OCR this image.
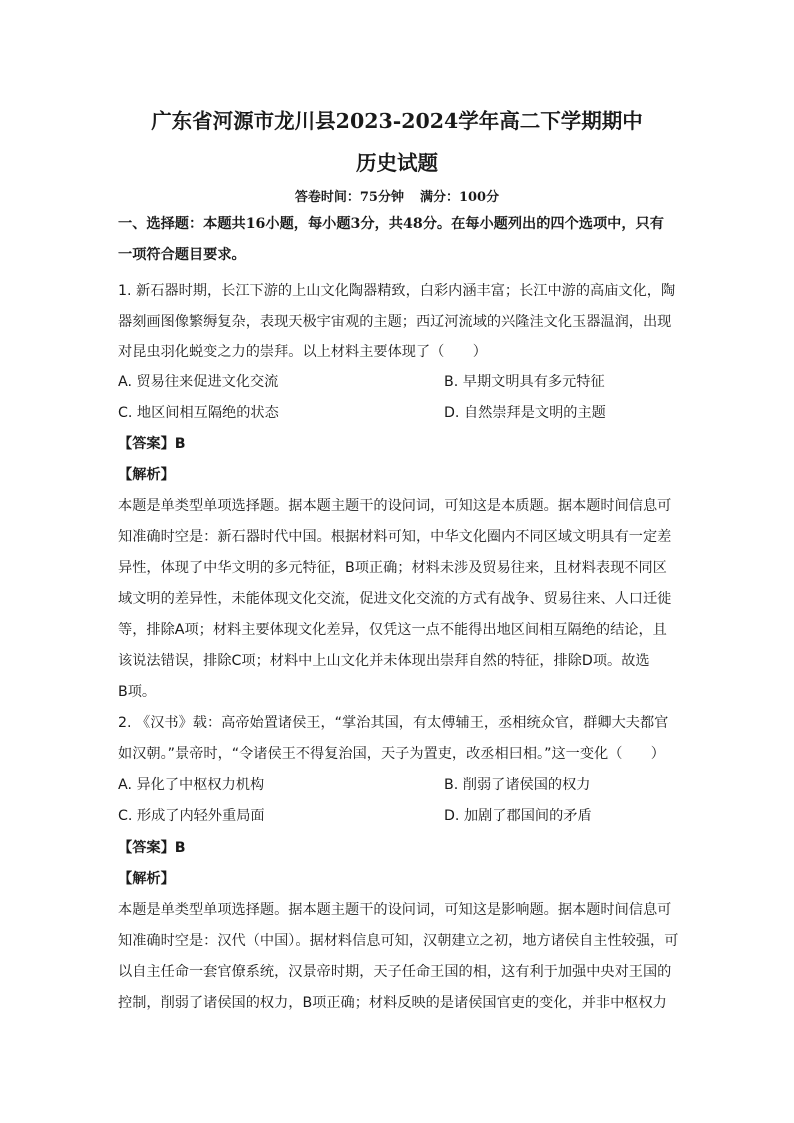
广东省河源市龙川县2023-2024学年高二下学期期中
历史试题
答卷时间：75分钟 满分：100分
一、选择题：本题共16小题，每小题3分，共48分。在每小题列出的四个选项中，只有
一项符合题目要求。
1. 新石器时期，长江下游的上山文化陶器精致，白彩内涵丰富；长江中游的高庙文化，陶
器刻画图像繁缛复杂，表现天极宇宙观的主题；西辽河流域的兴隆洼文化玉器温润，出现
对昆虫羽化蜕变之力的崇拜。以上材料主要体现了（　　）
A. 贸易往来促进文化交流	B. 早期文明具有多元特征
C. 地区间相互隔绝的状态	D. 自然崇拜是文明的主题
【答案】B
【解析】
本题是单类型单项选择题。据本题主题干的设问词，可知这是本质题。据本题时间信息可
知准确时空是：新石器时代中国。根据材料可知，中华文化圈内不同区域文明具有一定差
异性，体现了中华文明的多元特征，B项正确；材料未涉及贸易往来，且材料表现不同区
域文明的差异性，未能体现文化交流，促进文化交流的方式有战争、贸易往来、人口迁徙
等，排除A项；材料主要体现文化差异，仅凭这一点不能得出地区间相互隔绝的结论，且
该说法错误，排除C项；材料中上山文化并未体现出崇拜自然的特征，排除D项。故选
B项。
2. 《汉书》载：高帝始置诸侯王，“掌治其国，有太傅辅王，丞相统众官，群卿大夫都官
如汉朝。”景帝时，“令诸侯王不得复治国，天子为置吏，改丞相曰相。”这一变化（　　）
A. 异化了中枢权力机构	B. 削弱了诸侯国的权力
C. 形成了内轻外重局面	D. 加剧了郡国间的矛盾
【答案】B
【解析】
本题是单类型单项选择题。据本题主题干的设问词，可知这是影响题。据本题时间信息可
知准确时空是：汉代（中国）。据材料信息可知，汉朝建立之初，地方诸侯自主性较强，可
以自主任命一套官僚系统，汉景帝时期，天子任命王国的相，这有利于加强中央对王国的
控制，削弱了诸侯国的权力，B项正确；材料反映的是诸侯国官吏的变化，并非中枢权力
